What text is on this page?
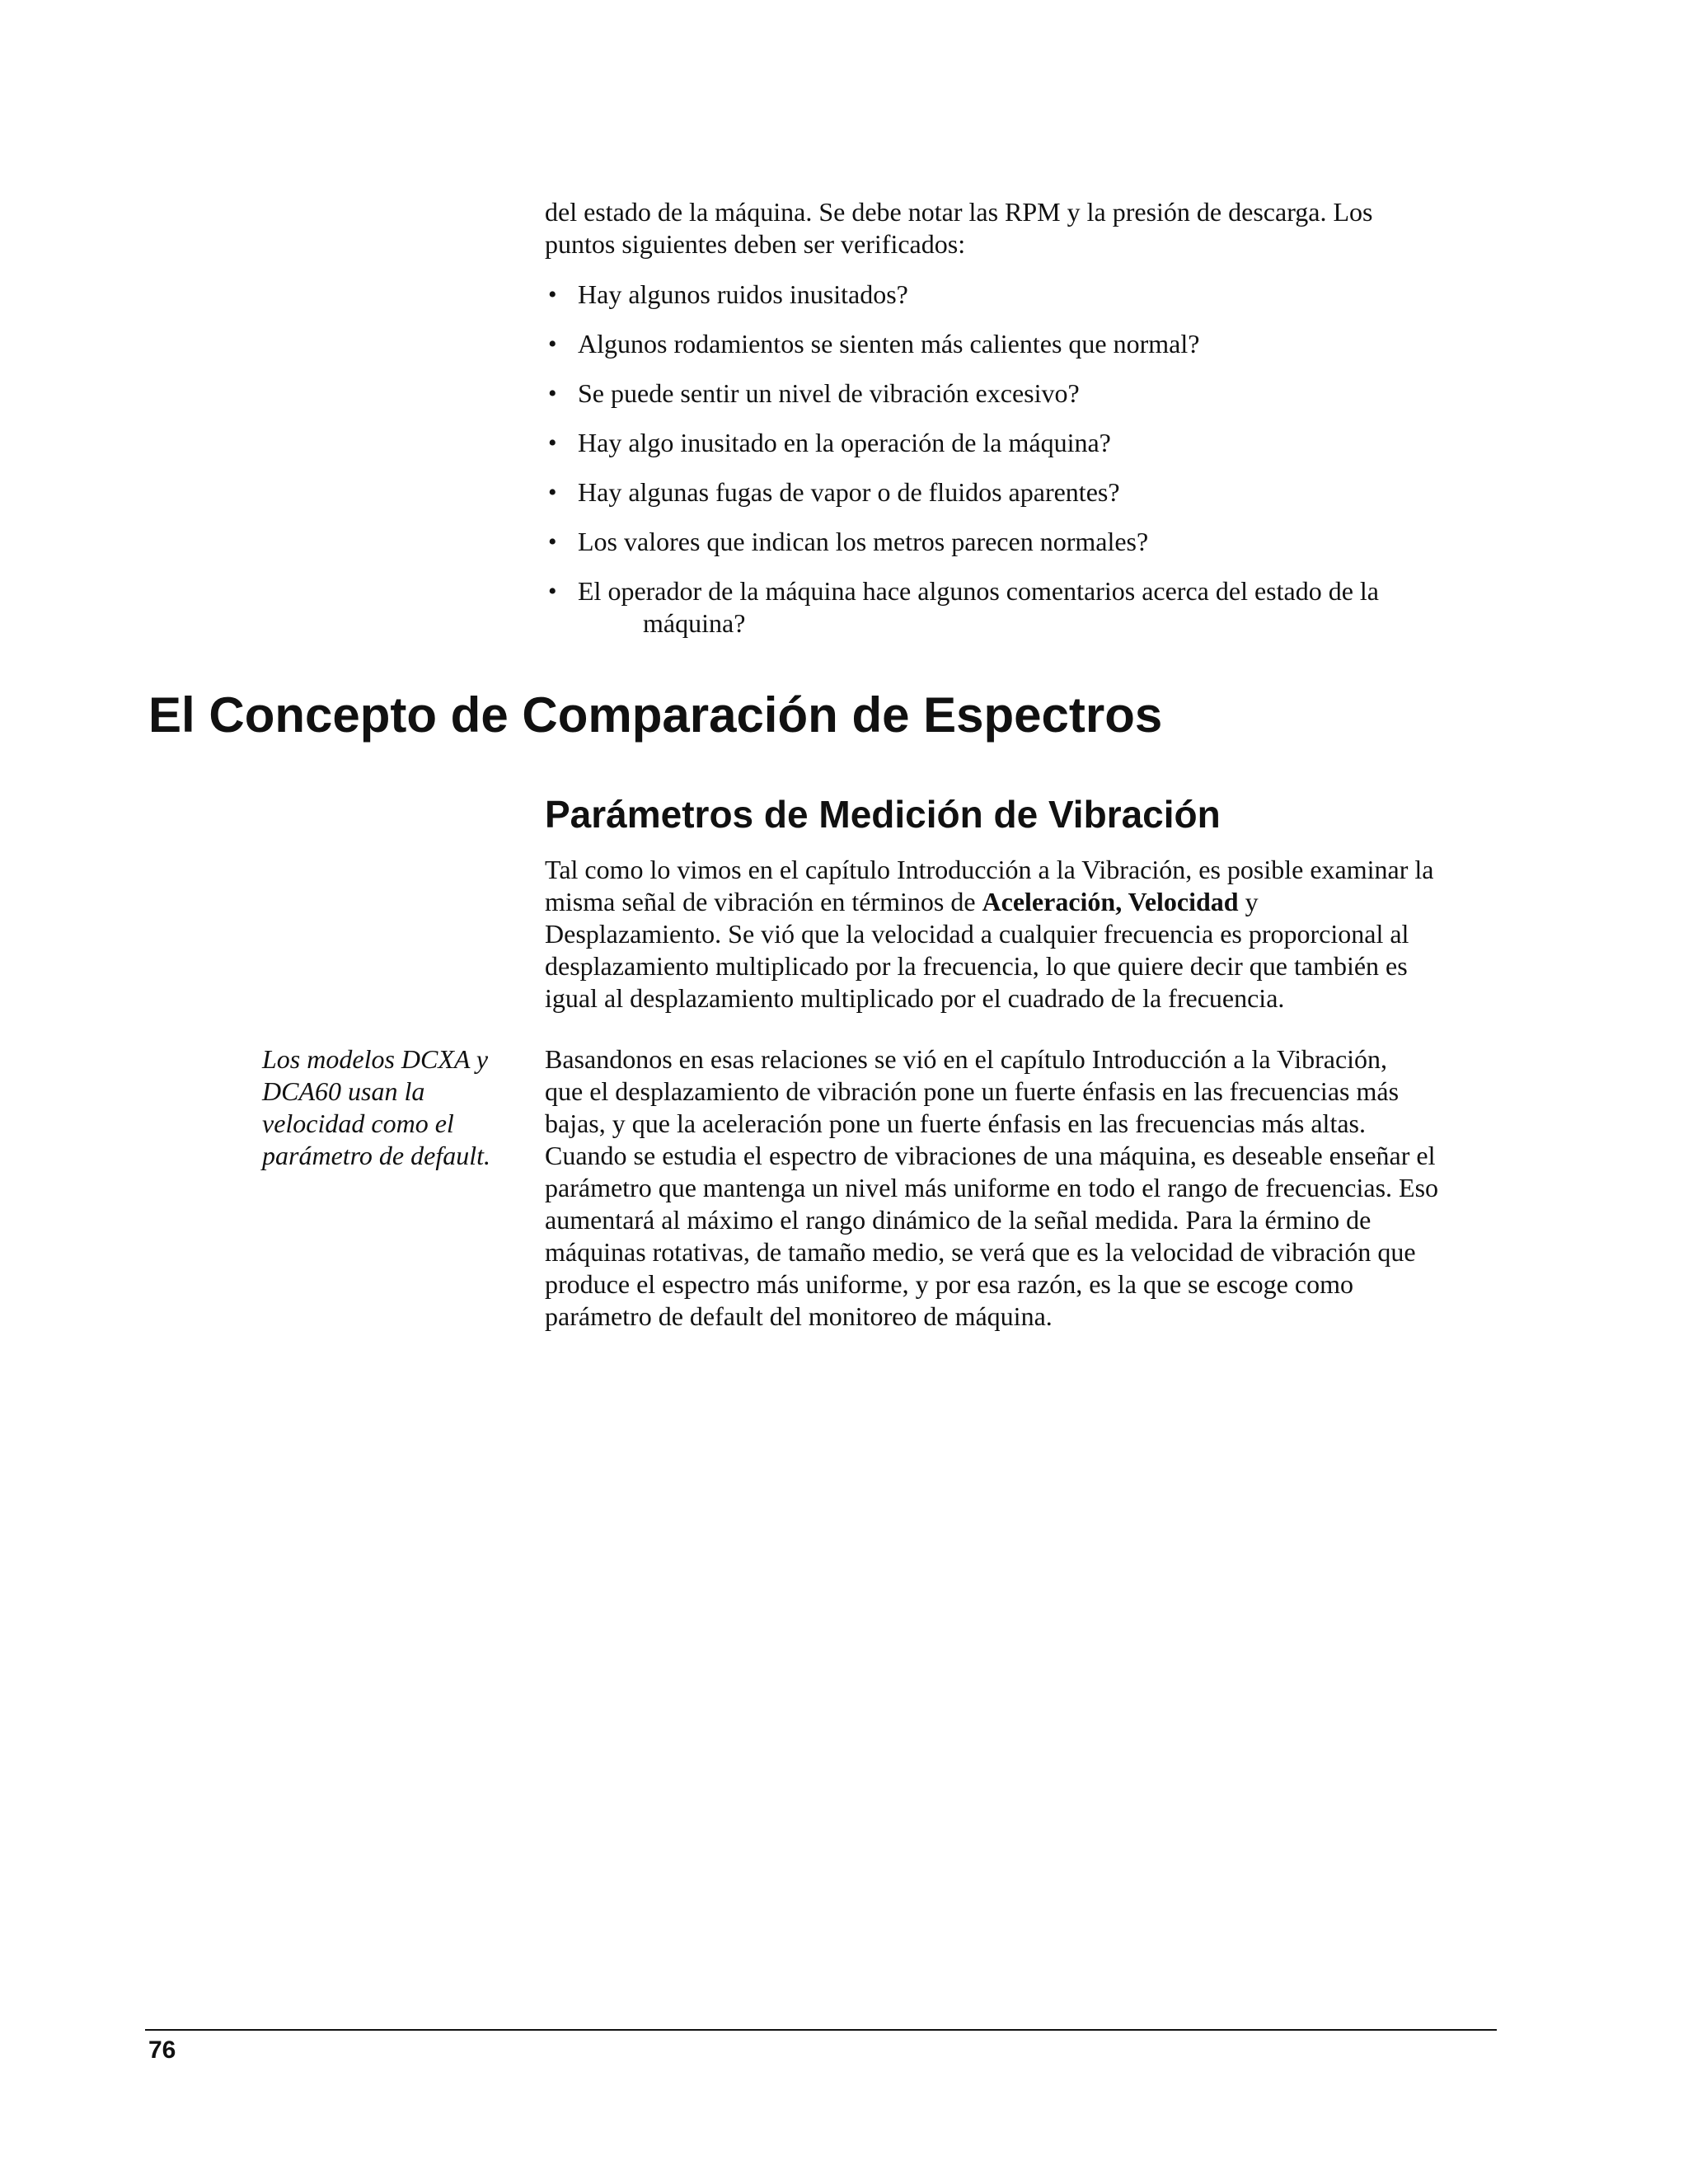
del estado de la máquina. Se debe notar las RPM y la presión de descarga. Los
puntos siguientes deben ser verificados:

• Hay algunos ruidos inusitados?
• Algunos rodamientos se sienten más calientes que normal?
• Se puede sentir un nivel de vibración excesivo?
• Hay algo inusitado en la operación de la máquina?
• Hay algunas fugas de vapor o de fluidos aparentes?
• Los valores que indican los metros parecen normales?
• El operador de la máquina hace algunos comentarios acerca del estado de la
máquina?
El Concepto de Comparación de Espectros
Parámetros de Medición de Vibración

Tal como lo vimos en el capítulo Introducción a la Vibración, es posible examinar la
misma señal de vibración en términos de Aceleración, Velocidad y
Desplazamiento. Se vió que la velocidad a cualquier frecuencia es proporcional al
desplazamiento multiplicado por la frecuencia, lo que quiere decir que también es
igual al desplazamiento multiplicado por el cuadrado de la frecuencia.

Los modelos DCXA y
DCA60 usan la
velocidad como el
parámetro de default.

Basandonos en esas relaciones se vió en el capítulo Introducción a la Vibración,
que el desplazamiento de vibración pone un fuerte énfasis en las frecuencias más
bajas, y que la aceleración pone un fuerte énfasis en las frecuencias más altas.
Cuando se estudia el espectro de vibraciones de una máquina, es deseable enseñar el
parámetro que mantenga un nivel más uniforme en todo el rango de frecuencias. Eso
aumentará al máximo el rango dinámico de la señal medida. Para la érmino de
máquinas rotativas, de tamaño medio, se verá que es la velocidad de vibración que
produce el espectro más uniforme, y por esa razón, es la que se escoge como
parámetro de default del monitoreo de máquina.

76
